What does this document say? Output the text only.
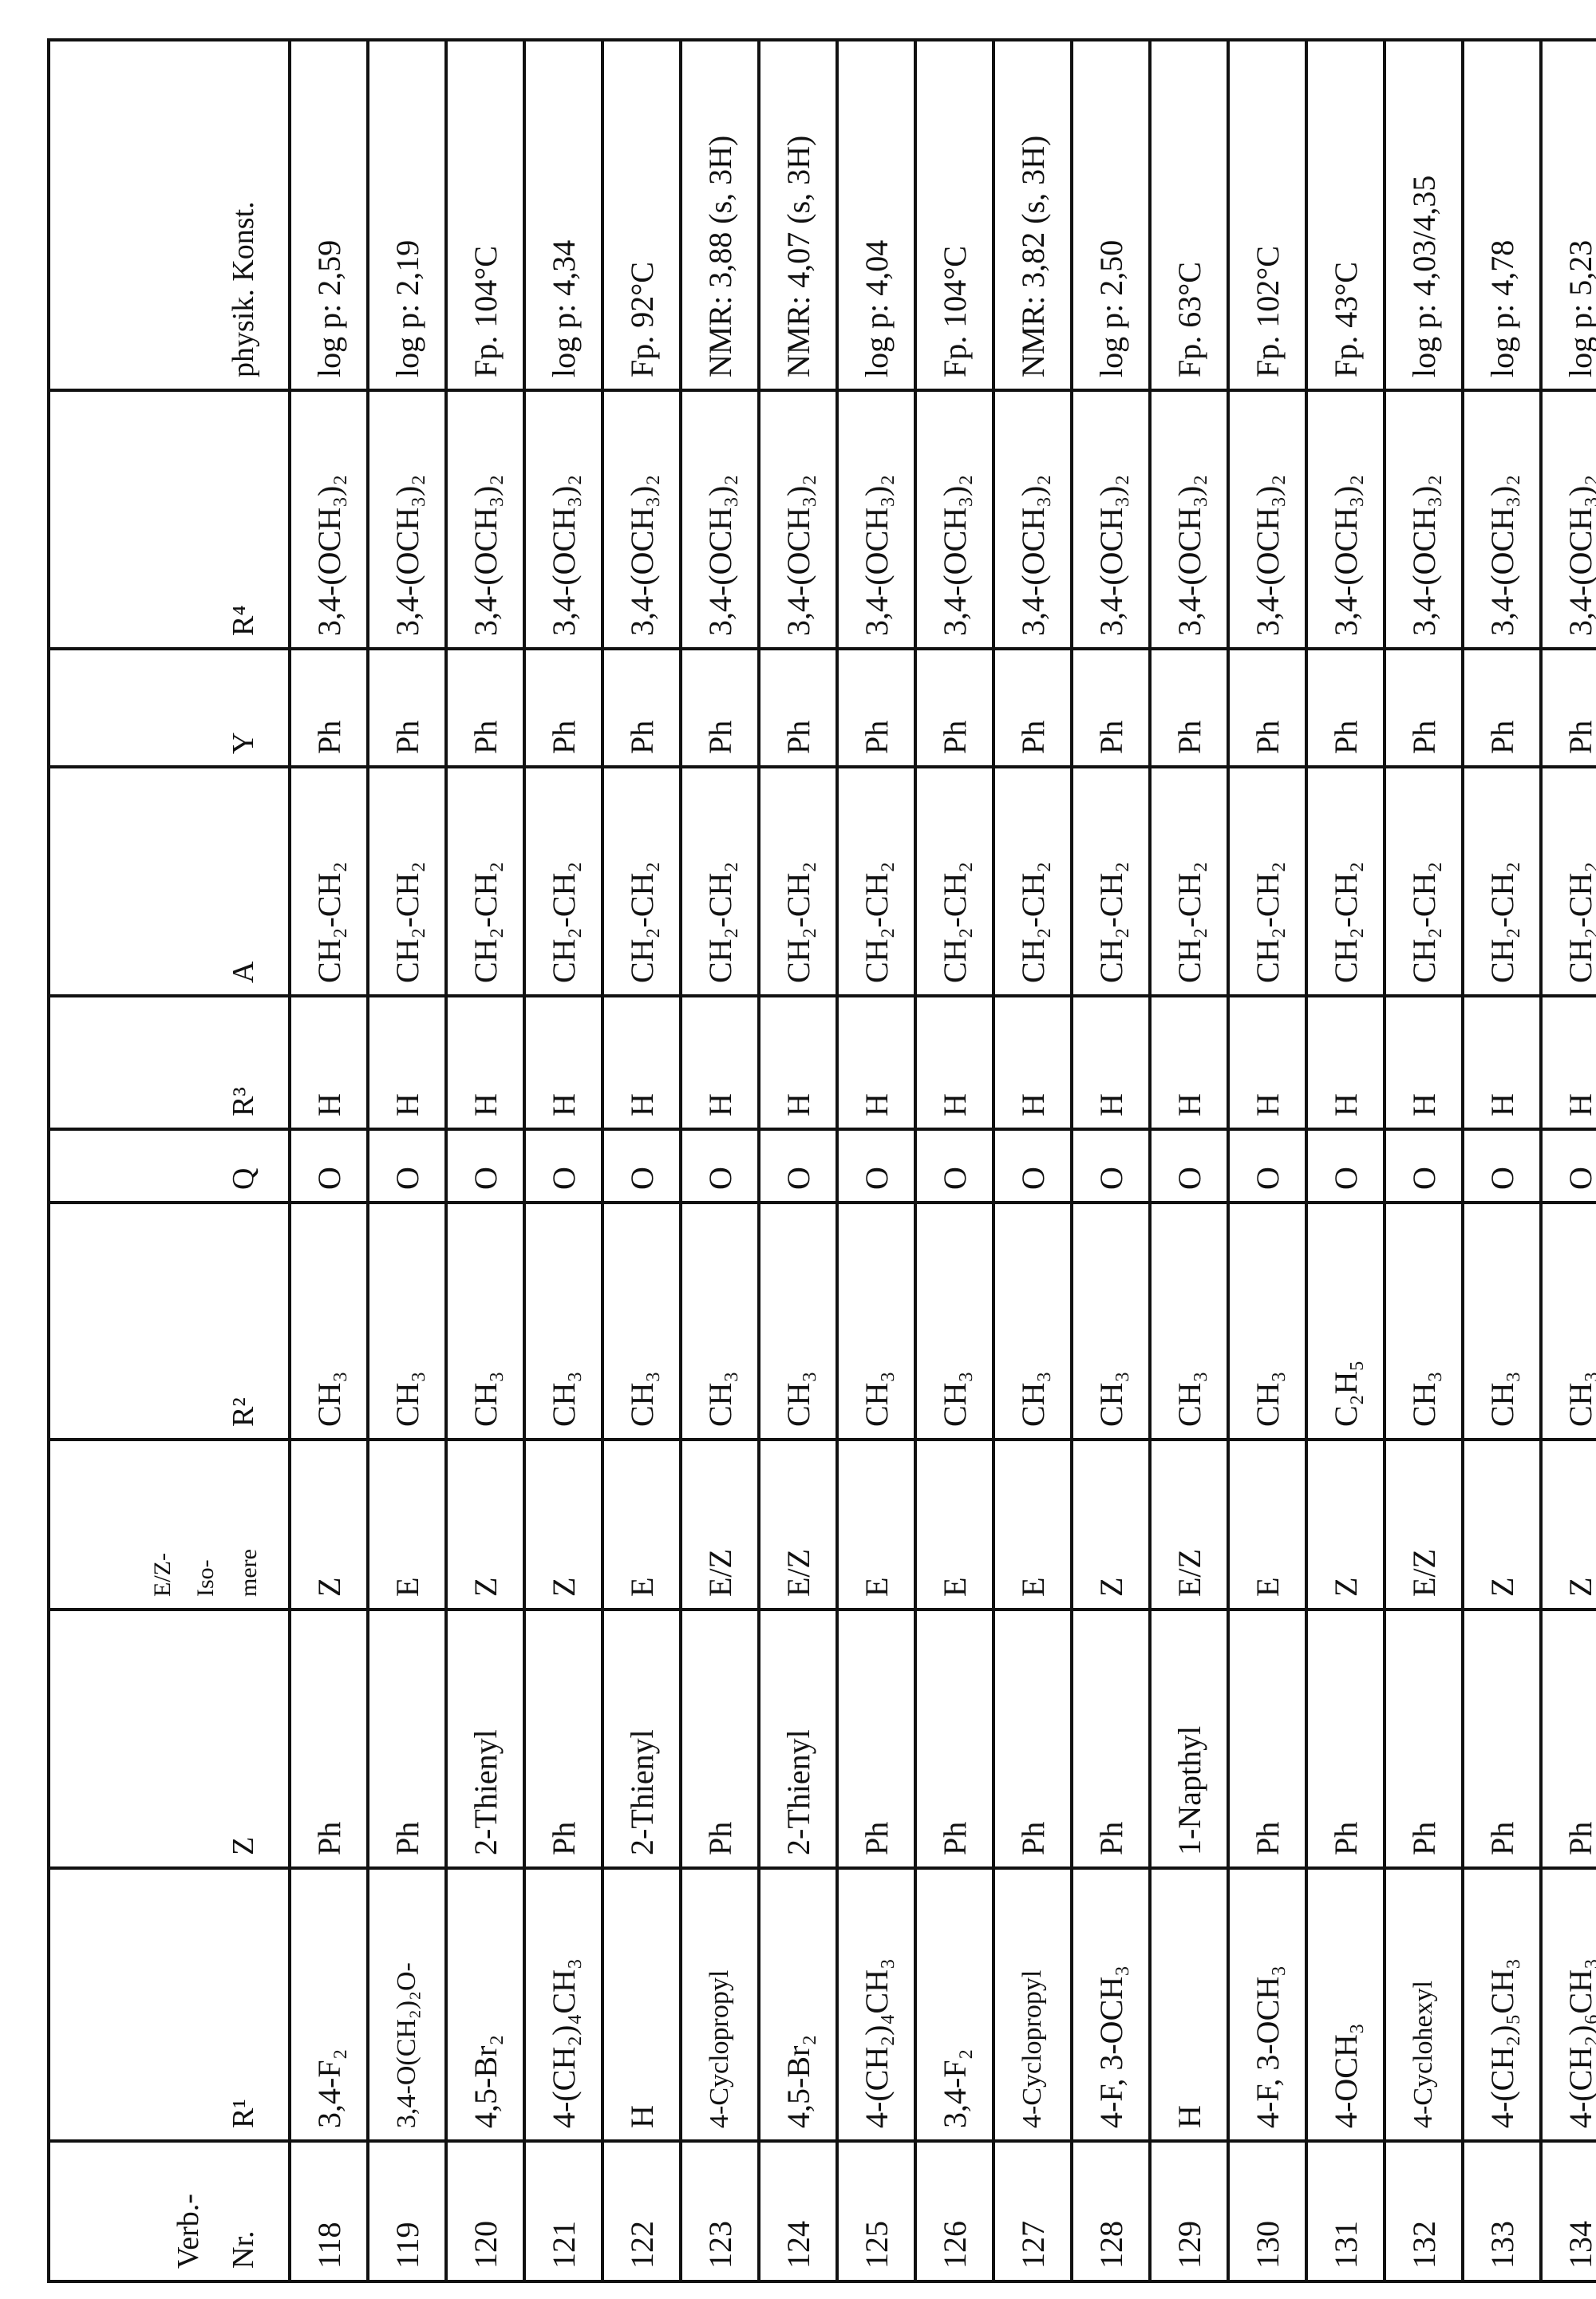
Verb.- Nr.	R¹	Z	E/Z- Iso- mere	R²	Q	R³	A	Y	R⁴	physik. Konst.
118	3,4-F₂	Ph	Z	CH₃	O	H	CH₂-CH₂	Ph	3,4-(OCH₃)₂	log p: 2,59
119	3,4-O(CH₂)₂O-	Ph	E	CH₃	O	H	CH₂-CH₂	Ph	3,4-(OCH₃)₂	log p: 2,19
120	4,5-Br₂	2-Thienyl	Z	CH₃	O	H	CH₂-CH₂	Ph	3,4-(OCH₃)₂	Fp. 104°C
121	4-(CH₂)₄CH₃	Ph	Z	CH₃	O	H	CH₂-CH₂	Ph	3,4-(OCH₃)₂	log p: 4,34
122	H	2-Thienyl	E	CH₃	O	H	CH₂-CH₂	Ph	3,4-(OCH₃)₂	Fp. 92°C
123	4-Cyclopropyl	Ph	E/Z	CH₃	O	H	CH₂-CH₂	Ph	3,4-(OCH₃)₂	NMR: 3,88 (s, 3H)
124	4,5-Br₂	2-Thienyl	E/Z	CH₃	O	H	CH₂-CH₂	Ph	3,4-(OCH₃)₂	NMR: 4,07 (s, 3H)
125	4-(CH₂)₄CH₃	Ph	E	CH₃	O	H	CH₂-CH₂	Ph	3,4-(OCH₃)₂	log p: 4,04
126	3,4-F₂	Ph	E	CH₃	O	H	CH₂-CH₂	Ph	3,4-(OCH₃)₂	Fp. 104°C
127	4-Cyclopropyl	Ph	E	CH₃	O	H	CH₂-CH₂	Ph	3,4-(OCH₃)₂	NMR: 3,82 (s, 3H)
128	4-F, 3-OCH₃	Ph	Z	CH₃	O	H	CH₂-CH₂	Ph	3,4-(OCH₃)₂	log p: 2,50
129	H	1-Napthyl	E/Z	CH₃	O	H	CH₂-CH₂	Ph	3,4-(OCH₃)₂	Fp. 63°C
130	4-F, 3-OCH₃	Ph	E	CH₃	O	H	CH₂-CH₂	Ph	3,4-(OCH₃)₂	Fp. 102°C
131	4-OCH₃	Ph	Z	C₂H₅	O	H	CH₂-CH₂	Ph	3,4-(OCH₃)₂	Fp. 43°C
132	4-Cyclohexyl	Ph	E/Z	CH₃	O	H	CH₂-CH₂	Ph	3,4-(OCH₃)₂	log p: 4,03/4,35
133	4-(CH₂)₅CH₃	Ph	Z	CH₃	O	H	CH₂-CH₂	Ph	3,4-(OCH₃)₂	log p: 4,78
134	4-(CH₂)₆CH₃	Ph	Z	CH₃	O	H	CH₂-CH₂	Ph	3,4-(OCH₃)₂	log p: 5,23
